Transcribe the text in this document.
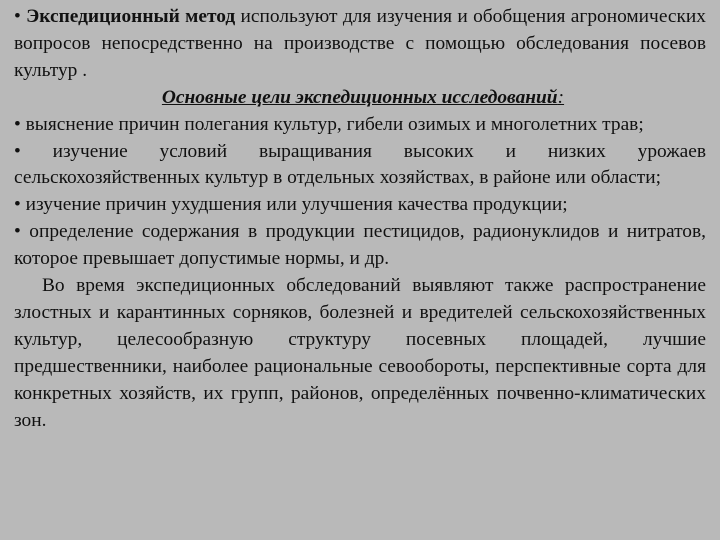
• Экспедиционный метод используют для изучения и обобщения агрономических вопросов непосредственно на производстве с помощью обследования посевов культур .

Основные цели экспедиционных исследований:

• выяснение причин полегания культур, гибели озимых и многолетних трав;

• изучение условий выращивания высоких и низких урожаев сельскохозяйственных культур в отдельных хозяйствах, в районе или области;

• изучение причин ухудшения или улучшения качества продукции;

• определение содержания в продукции пестицидов, радионуклидов и нитратов, которое превышает допустимые нормы, и др.

Во время экспедиционных обследований выявляют также распространение злостных и карантинных сорняков, болезней и вредителей сельскохозяйственных культур, целесообразную структуру посевных площадей, лучшие предшественники, наиболее рациональные севообороты, перспективные сорта для конкретных хозяйств, их групп, районов, определённых почвенно-климатических зон.
